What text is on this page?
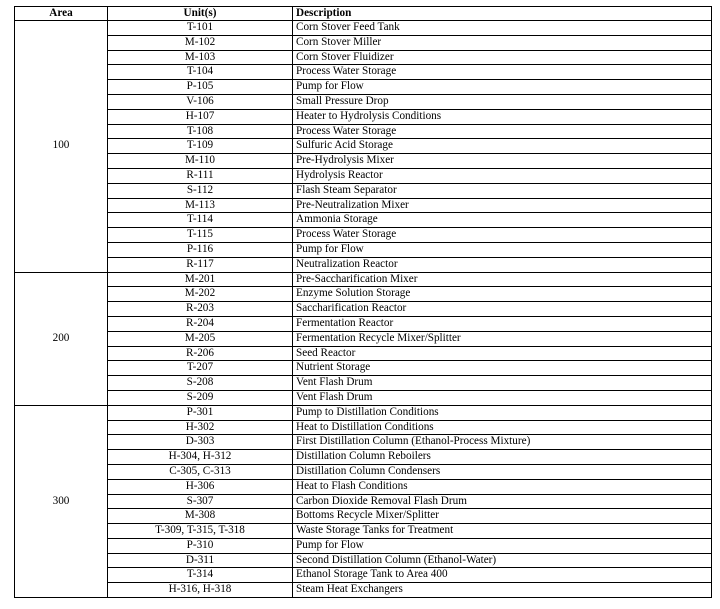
Area	Unit(s)	Description
100	T-101	Corn Stover Feed Tank
	M-102	Corn Stover Miller
	M-103	Corn Stover Fluidizer
	T-104	Process Water Storage
	P-105	Pump for Flow
	V-106	Small Pressure Drop
	H-107	Heater to Hydrolysis Conditions
	T-108	Process Water Storage
	T-109	Sulfuric Acid Storage
	M-110	Pre-Hydrolysis Mixer
	R-111	Hydrolysis Reactor
	S-112	Flash Steam Separator
	M-113	Pre-Neutralization Mixer
	T-114	Ammonia Storage
	T-115	Process Water Storage
	P-116	Pump for Flow
	R-117	Neutralization Reactor
200	M-201	Pre-Saccharification Mixer
	M-202	Enzyme Solution Storage
	R-203	Saccharification Reactor
	R-204	Fermentation Reactor
	M-205	Fermentation Recycle Mixer/Splitter
	R-206	Seed Reactor
	T-207	Nutrient Storage
	S-208	Vent Flash Drum
	S-209	Vent Flash Drum
300	P-301	Pump to Distillation Conditions
	H-302	Heat to Distillation Conditions
	D-303	First Distillation Column (Ethanol-Process Mixture)
	H-304, H-312	Distillation Column Reboilers
	C-305, C-313	Distillation Column Condensers
	H-306	Heat to Flash Conditions
	S-307	Carbon Dioxide Removal Flash Drum
	M-308	Bottoms Recycle Mixer/Splitter
	T-309, T-315, T-318	Waste Storage Tanks for Treatment
	P-310	Pump for Flow
	D-311	Second Distillation Column (Ethanol-Water)
	T-314	Ethanol Storage Tank to Area 400
	H-316, H-318	Steam Heat Exchangers
